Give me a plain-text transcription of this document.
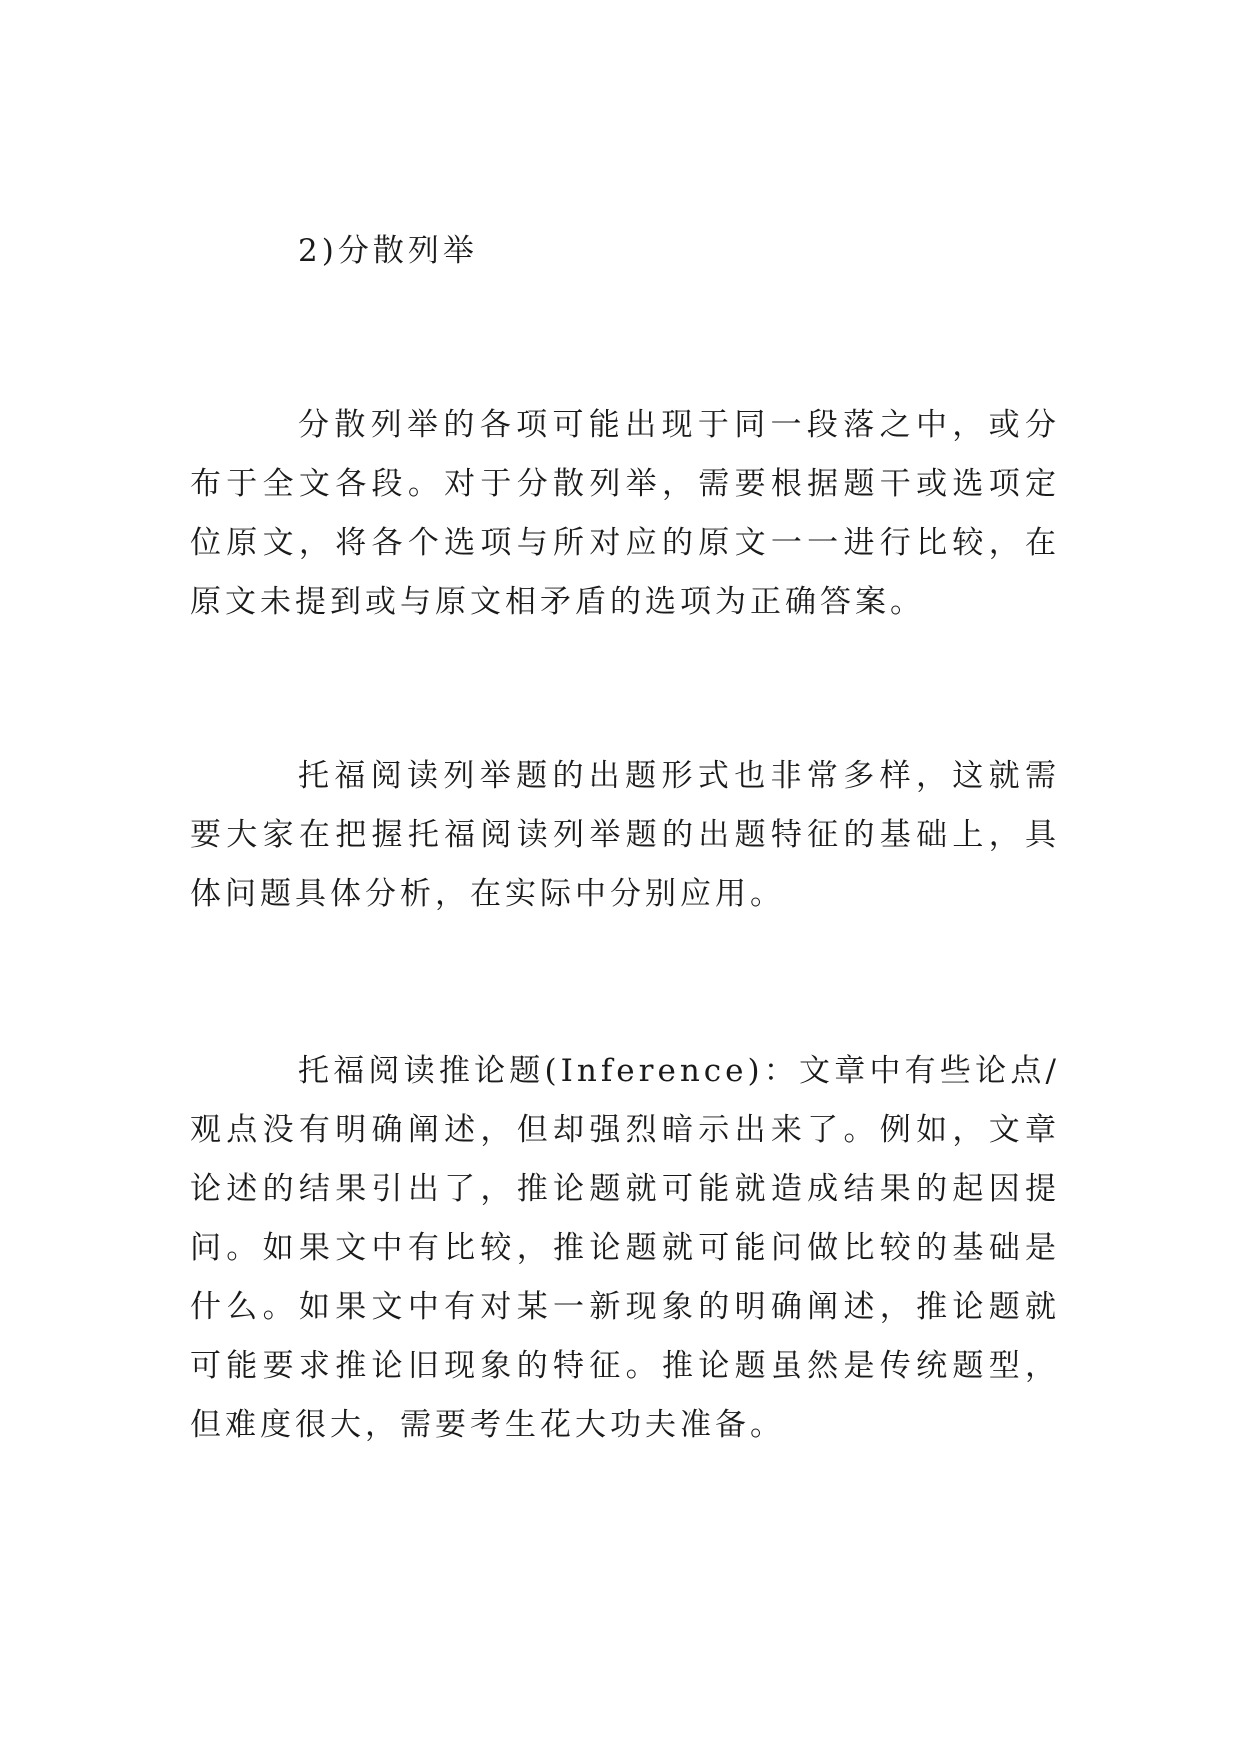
2)分散列举

分散列举的各项可能出现于同一段落之中，或分布于全文各段。对于分散列举，需要根据题干或选项定位原文，将各个选项与所对应的原文一一进行比较，在原文未提到或与原文相矛盾的选项为正确答案。

托福阅读列举题的出题形式也非常多样，这就需要大家在把握托福阅读列举题的出题特征的基础上，具体问题具体分析，在实际中分别应用。

托福阅读推论题(Inference)：文章中有些论点/观点没有明确阐述，但却强烈暗示出来了。例如，文章论述的结果引出了，推论题就可能就造成结果的起因提问。如果文中有比较，推论题就可能问做比较的基础是什么。如果文中有对某一新现象的明确阐述，推论题就可能要求推论旧现象的特征。推论题虽然是传统题型，但难度很大，需要考生花大功夫准备。
